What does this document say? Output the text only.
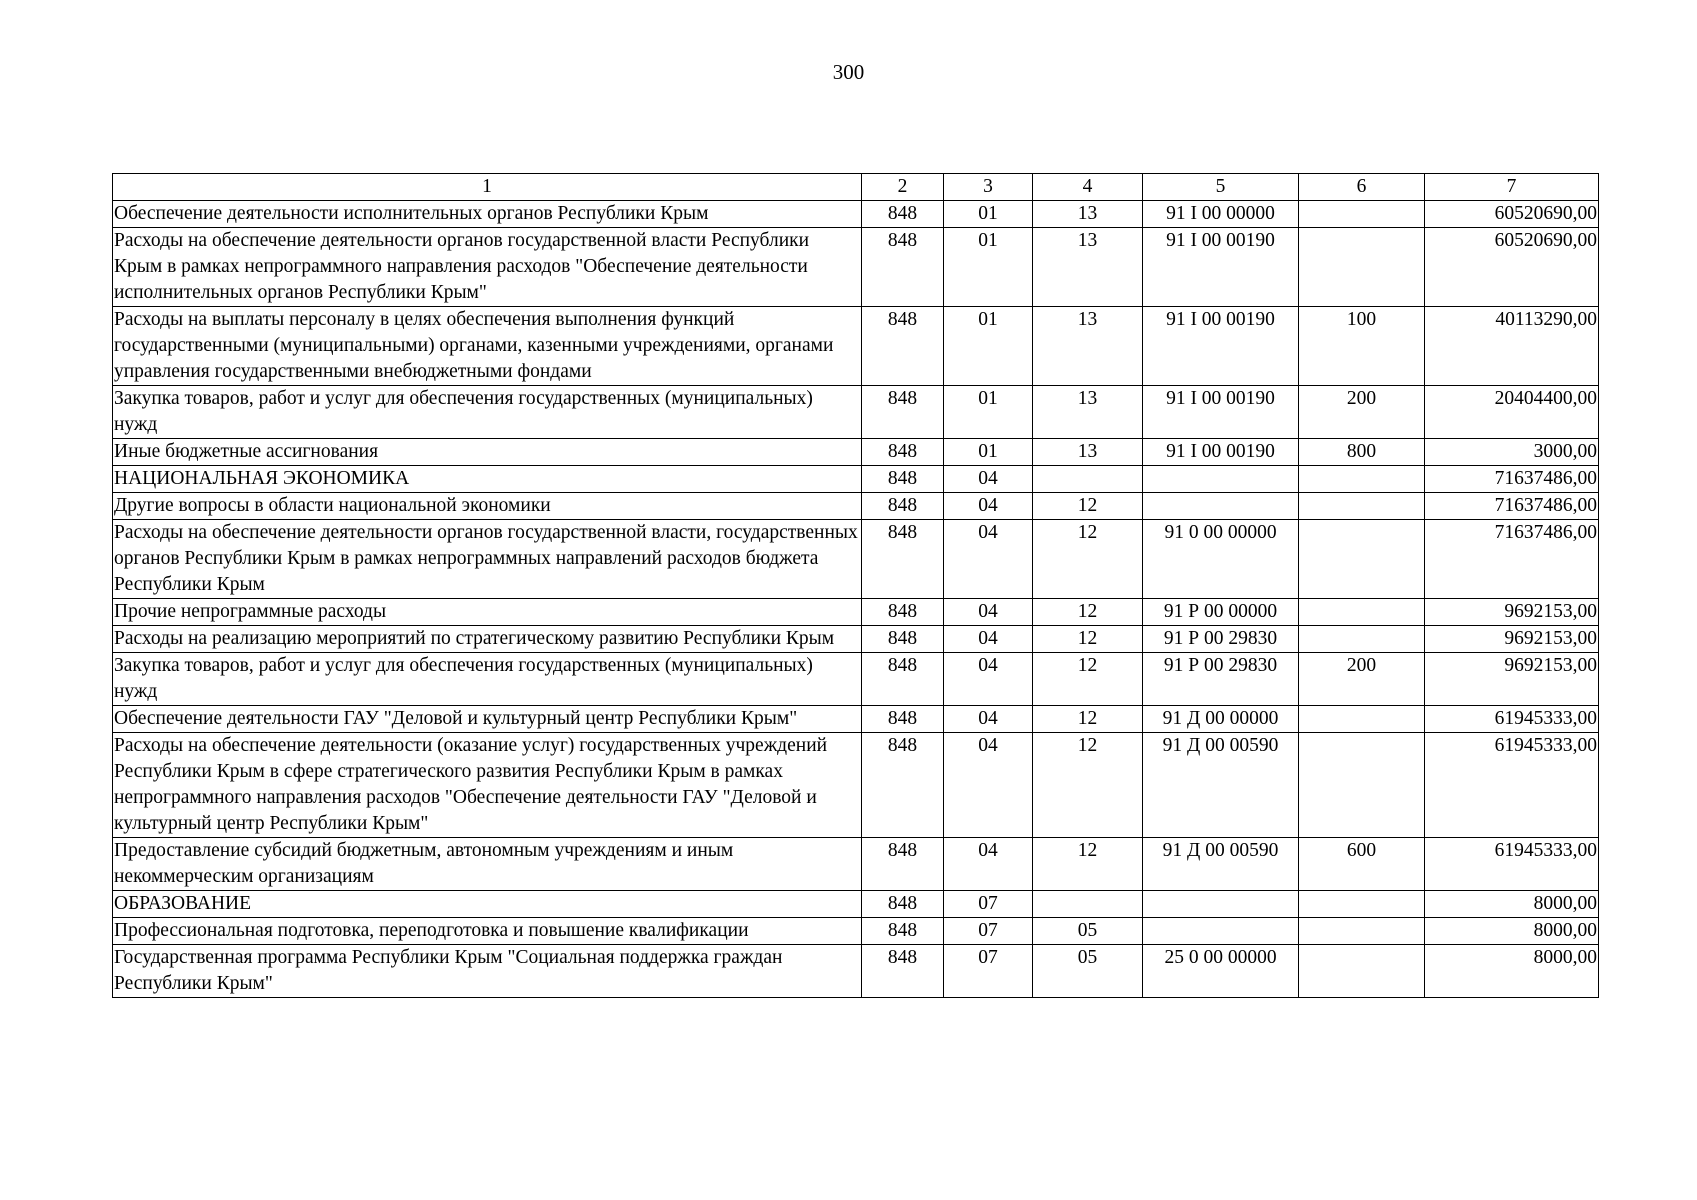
300
1	2	3	4	5	6	7
Обеспечение деятельности исполнительных органов Республики Крым	848	01	13	91 I 00 00000		60520690,00
Расходы на обеспечение деятельности органов государственной власти Республики Крым в рамках непрограммного направления расходов "Обеспечение деятельности исполнительных органов Республики Крым"	848	01	13	91 I 00 00190		60520690,00
Расходы на выплаты персоналу в целях обеспечения выполнения функций государственными (муниципальными) органами, казенными учреждениями, органами управления государственными внебюджетными фондами	848	01	13	91 I 00 00190	100	40113290,00
Закупка товаров, работ и услуг для обеспечения государственных (муниципальных) нужд	848	01	13	91 I 00 00190	200	20404400,00
Иные бюджетные ассигнования	848	01	13	91 I 00 00190	800	3000,00
НАЦИОНАЛЬНАЯ ЭКОНОМИКА	848	04				71637486,00
Другие вопросы в области национальной экономики	848	04	12			71637486,00
Расходы на обеспечение деятельности органов государственной власти, государственных органов Республики Крым в рамках непрограммных направлений расходов бюджета Республики Крым	848	04	12	91 0 00 00000		71637486,00
Прочие непрограммные расходы	848	04	12	91 Р 00 00000		9692153,00
Расходы на реализацию мероприятий по стратегическому развитию Республики Крым	848	04	12	91 Р 00 29830		9692153,00
Закупка товаров, работ и услуг для обеспечения государственных (муниципальных) нужд	848	04	12	91 Р 00 29830	200	9692153,00
Обеспечение деятельности ГАУ "Деловой и культурный центр Республики Крым"	848	04	12	91 Д 00 00000		61945333,00
Расходы на обеспечение деятельности (оказание услуг) государственных учреждений Республики Крым в сфере стратегического развития Республики Крым в рамках непрограммного направления расходов "Обеспечение деятельности ГАУ "Деловой и культурный центр Республики Крым"	848	04	12	91 Д 00 00590		61945333,00
Предоставление субсидий бюджетным, автономным учреждениям и иным некоммерческим организациям	848	04	12	91 Д 00 00590	600	61945333,00
ОБРАЗОВАНИЕ	848	07				8000,00
Профессиональная подготовка, переподготовка и повышение квалификации	848	07	05			8000,00
Государственная программа Республики Крым "Социальная поддержка граждан Республики Крым"	848	07	05	25 0 00 00000		8000,00
